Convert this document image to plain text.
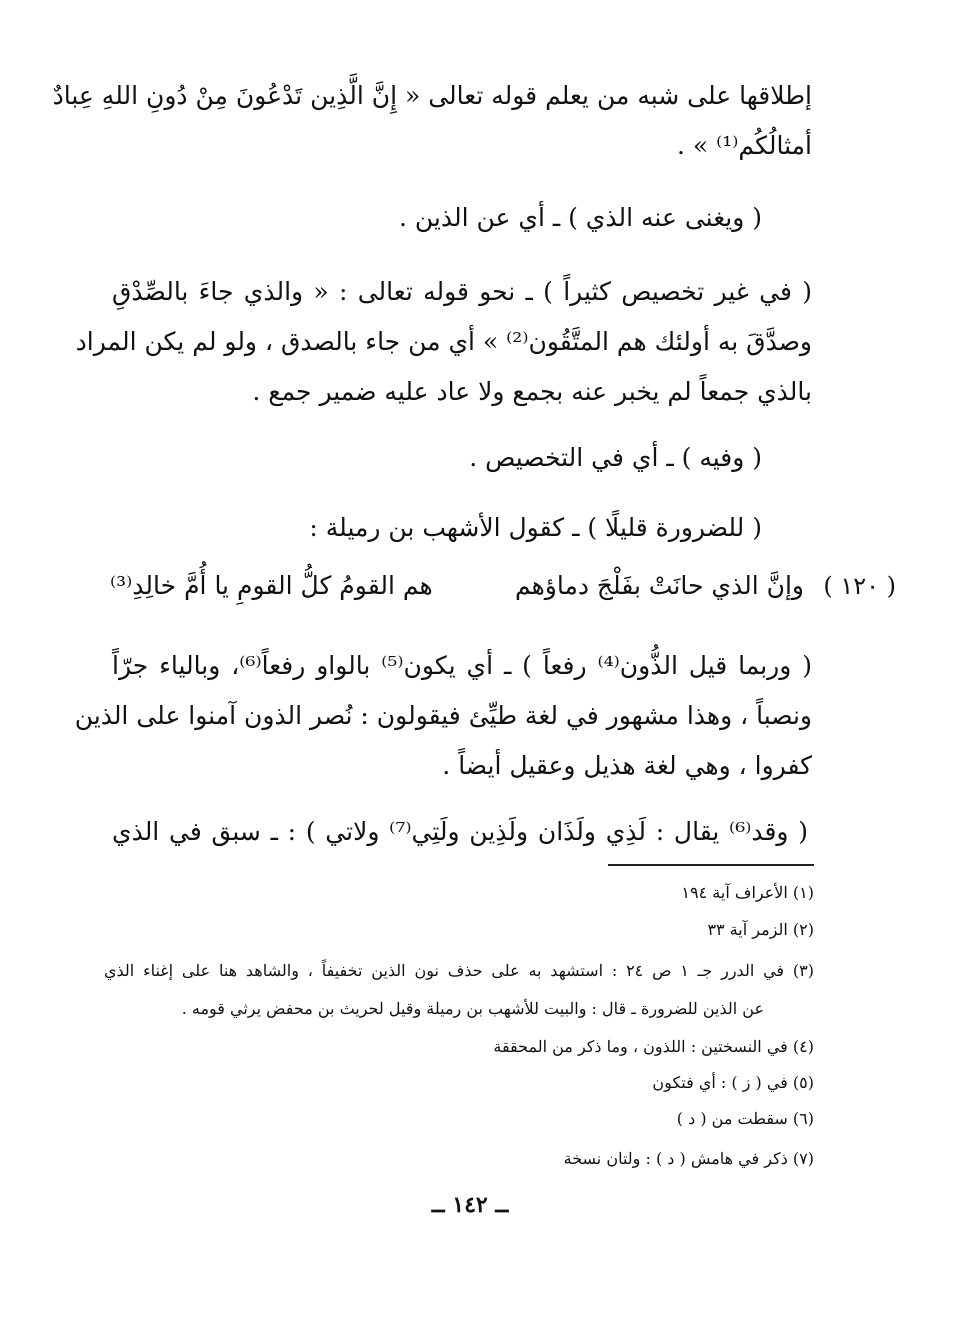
إطلاقها على شبه من يعلم قوله تعالى « إِنَّ الَّذِين تَدْعُونَ مِنْ دُونِ اللهِ عِبادٌ
أمثالُكُم⁽¹⁾ » .
( ويغنى عنه الذي ) ـ أي عن الذين .
( في غير تخصيص كثيراً ) ـ نحو قوله تعالى : « والذي جاءَ بالصِّدْقِ
وصدَّقَ به أولئك هم المتَّقُون⁽²⁾ » أي من جاء بالصدق ، ولو لم يكن المراد
بالذي جمعاً لم يخبر عنه بجمع ولا عاد عليه ضمير جمع .
( وفيه ) ـ أي في التخصيص .
( للضرورة قليلًا ) ـ كقول الأشهب بن رميلة :
( ١٢٠ )
وإنَّ الذي حانَتْ بفَلْجَ دماؤهم
هم القومُ كلُّ القومِ يا أُمَّ خالِدِ⁽³⁾
( وربما قيل الذُّون⁽⁴⁾ رفعاً ) ـ أي يكون⁽⁵⁾ بالواو رفعاً⁽⁶⁾، وبالياء جرّاً
ونصباً ، وهذا مشهور في لغة طيِّئ فيقولون : نُصر الذون آمنوا على الذين
كفروا ، وهي لغة هذيل وعقيل أيضاً .
( وقد⁽⁶⁾ يقال : لَذِي ولَذَان ولَذِين ولَتِي⁽⁷⁾ ولاتي ) : ـ سبق في الذي
(١) الأعراف آية ١٩٤
(٢) الزمر آية ٣٣
(٣) في الدرر جـ ١ ص ٢٤ : استشهد به على حذف نون الذين تخفيفاً ، والشاهد هنا على إغناء الذي
عن الذين للضرورة ـ قال : والبيت للأشهب بن رميلة وقيل لحريث بن محفض يرثي قومه .
(٤) في النسختين : اللذون ، وما ذكر من المحققة
(٥) في ( ز ) : أي فتكون
(٦) سقطت من ( د )
(٧) ذكر في هامش ( د ) : ولتان نسخة
ــ ١٤٢ ــ
